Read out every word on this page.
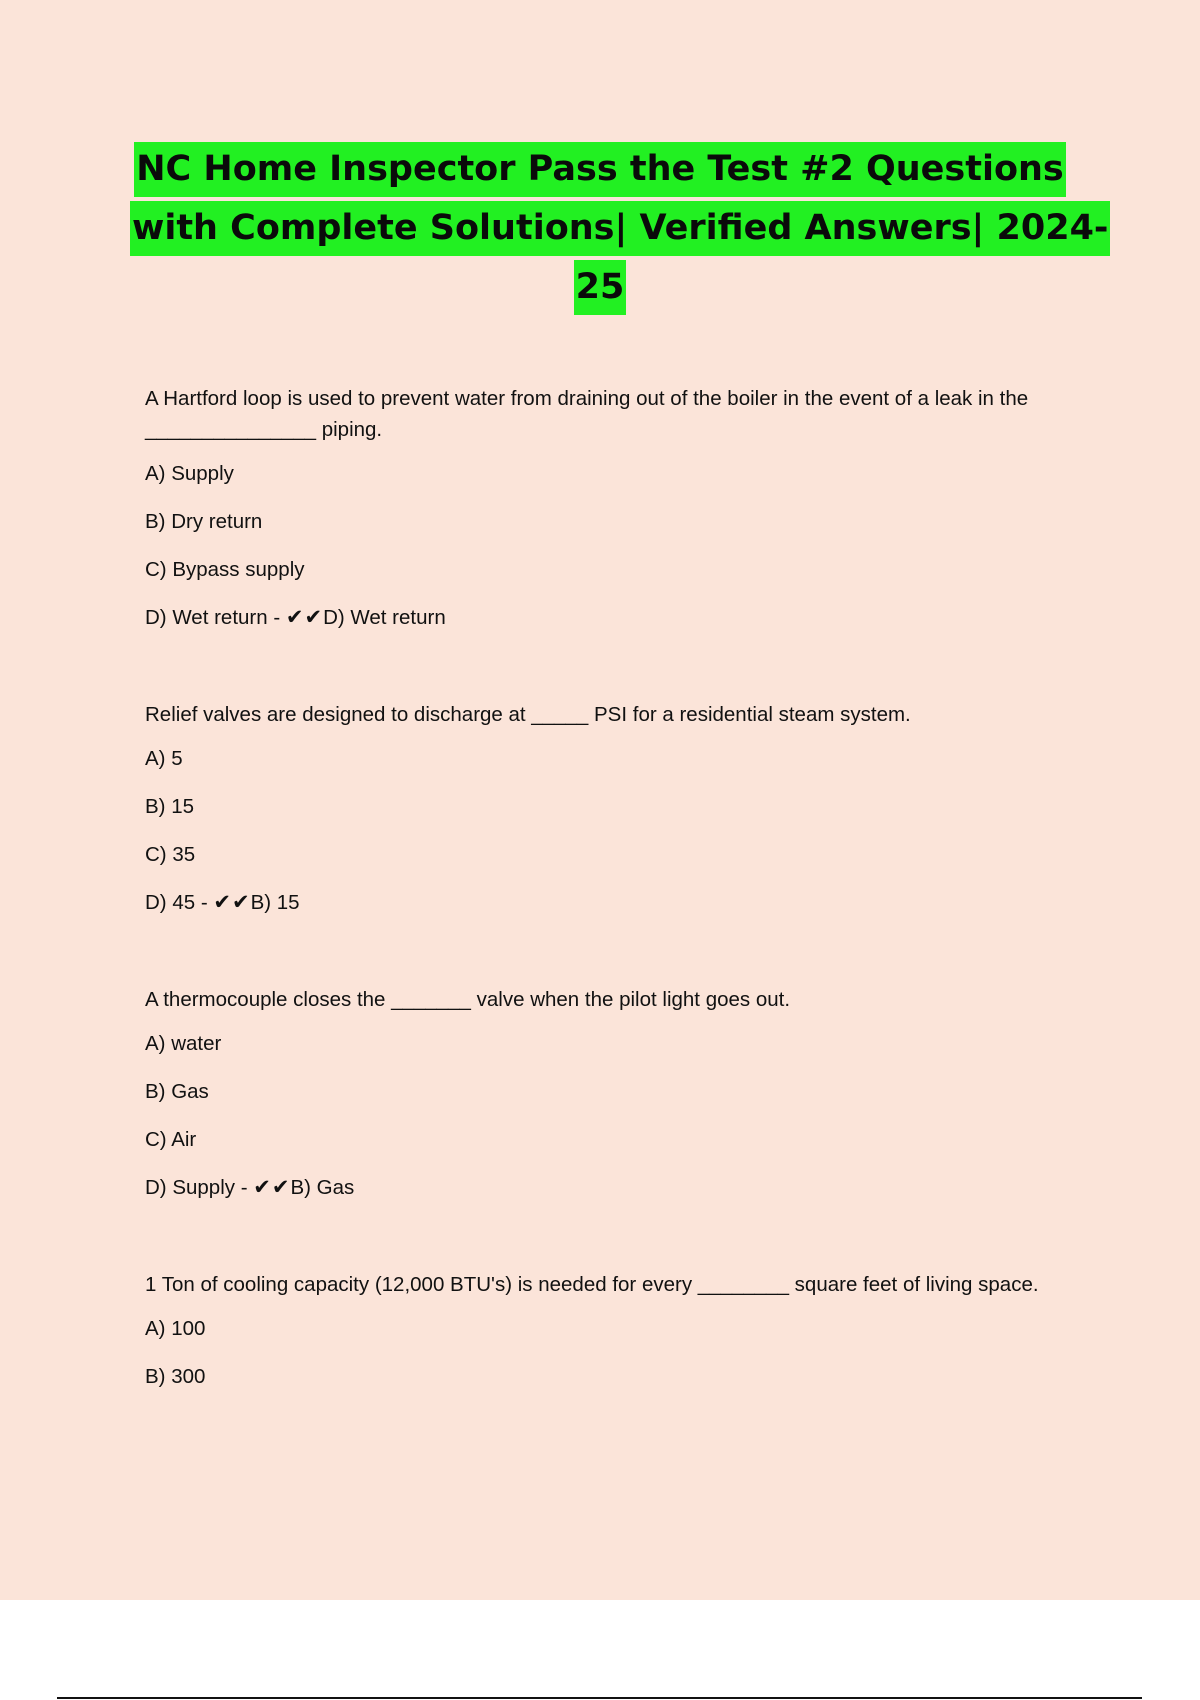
NC Home Inspector Pass the Test #2 Questions
with Complete Solutions| Verified Answers| 2024-
25
A Hartford loop is used to prevent water from draining out of the boiler in the event of a leak in the _______________ piping.
A) Supply
B) Dry return
C) Bypass supply
D) Wet return - ✔✔D) Wet return
Relief valves are designed to discharge at _____ PSI for a residential steam system.
A) 5
B) 15
C) 35
D) 45 - ✔✔B) 15
A thermocouple closes the _______ valve when the pilot light goes out.
A) water
B) Gas
C) Air
D) Supply - ✔✔B) Gas
1 Ton of cooling capacity (12,000 BTU's) is needed for every ________ square feet of living space.
A) 100
B) 300
